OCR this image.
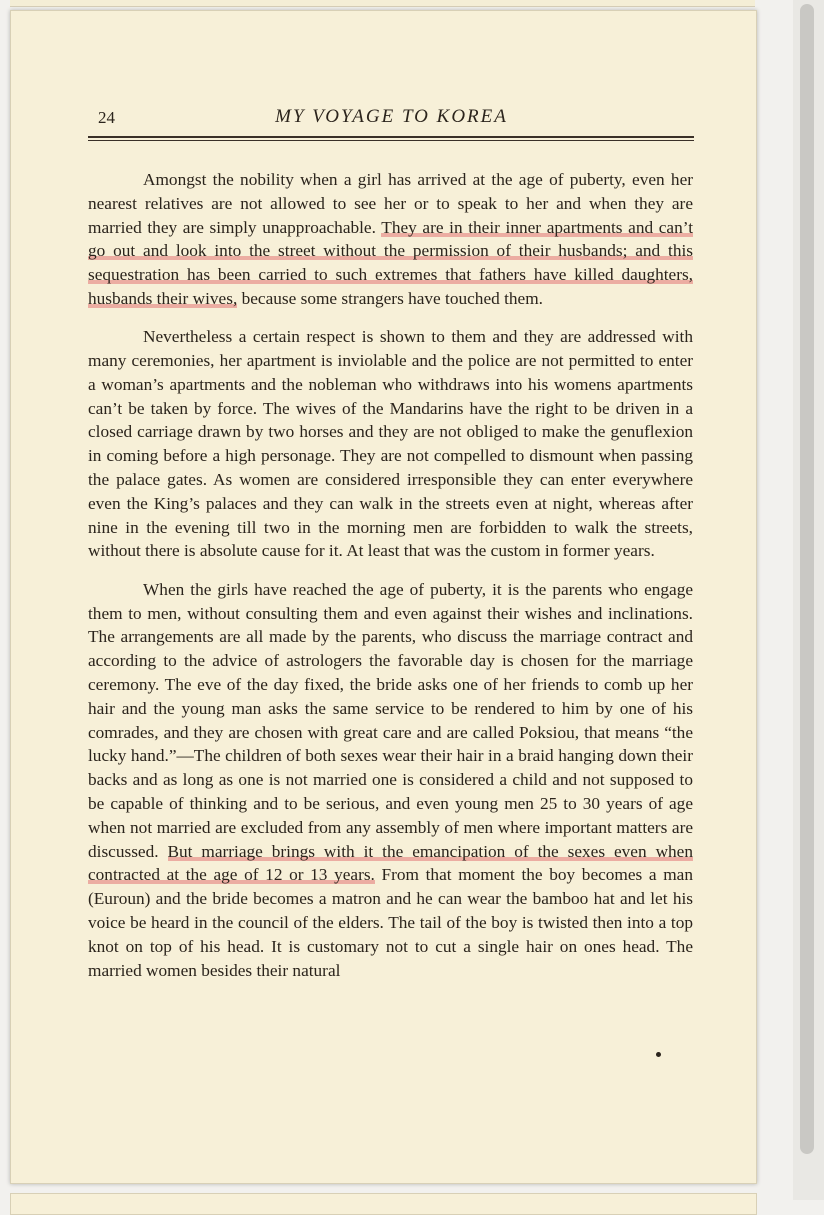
24	MY VOYAGE TO KOREA

Amongst the nobility when a girl has arrived at the age of puberty, even her nearest relatives are not allowed to see her or to speak to her and when they are married they are simply unapproachable. They are in their inner apartments and can’t go out and look into the street without the permission of their husbands; and this sequestration has been carried to such extremes that fathers have killed daughters, husbands their wives, because some strangers have touched them.

Nevertheless a certain respect is shown to them and they are addressed with many ceremonies, her apartment is inviolable and the police are not permitted to enter a woman’s apartments and the nobleman who withdraws into his womens apartments can’t be taken by force. The wives of the Mandarins have the right to be driven in a closed carriage drawn by two horses and they are not obliged to make the genuflexion in coming before a high personage. They are not compelled to dismount when passing the palace gates. As women are considered irresponsible they can enter everywhere even the King’s palaces and they can walk in the streets even at night, whereas after nine in the evening till two in the morning men are forbidden to walk the streets, without there is absolute cause for it. At least that was the custom in former years.

When the girls have reached the age of puberty, it is the parents who engage them to men, without consulting them and even against their wishes and inclinations. The arrangements are all made by the parents, who discuss the marriage contract and according to the advice of astrologers the favorable day is chosen for the marriage ceremony. The eve of the day fixed, the bride asks one of her friends to comb up her hair and the young man asks the same service to be rendered to him by one of his comrades, and they are chosen with great care and are called Poksiou, that means “the lucky hand.”—The children of both sexes wear their hair in a braid hanging down their backs and as long as one is not married one is considered a child and not supposed to be capable of thinking and to be serious, and even young men 25 to 30 years of age when not married are excluded from any assembly of men where important matters are discussed. But marriage brings with it the emancipation of the sexes even when contracted at the age of 12 or 13 years. From that moment the boy becomes a man (Euroun) and the bride becomes a matron and he can wear the bamboo hat and let his voice be heard in the council of the elders. The tail of the boy is twisted then into a top knot on top of his head. It is customary not to cut a single hair on ones head. The married women besides their natural
